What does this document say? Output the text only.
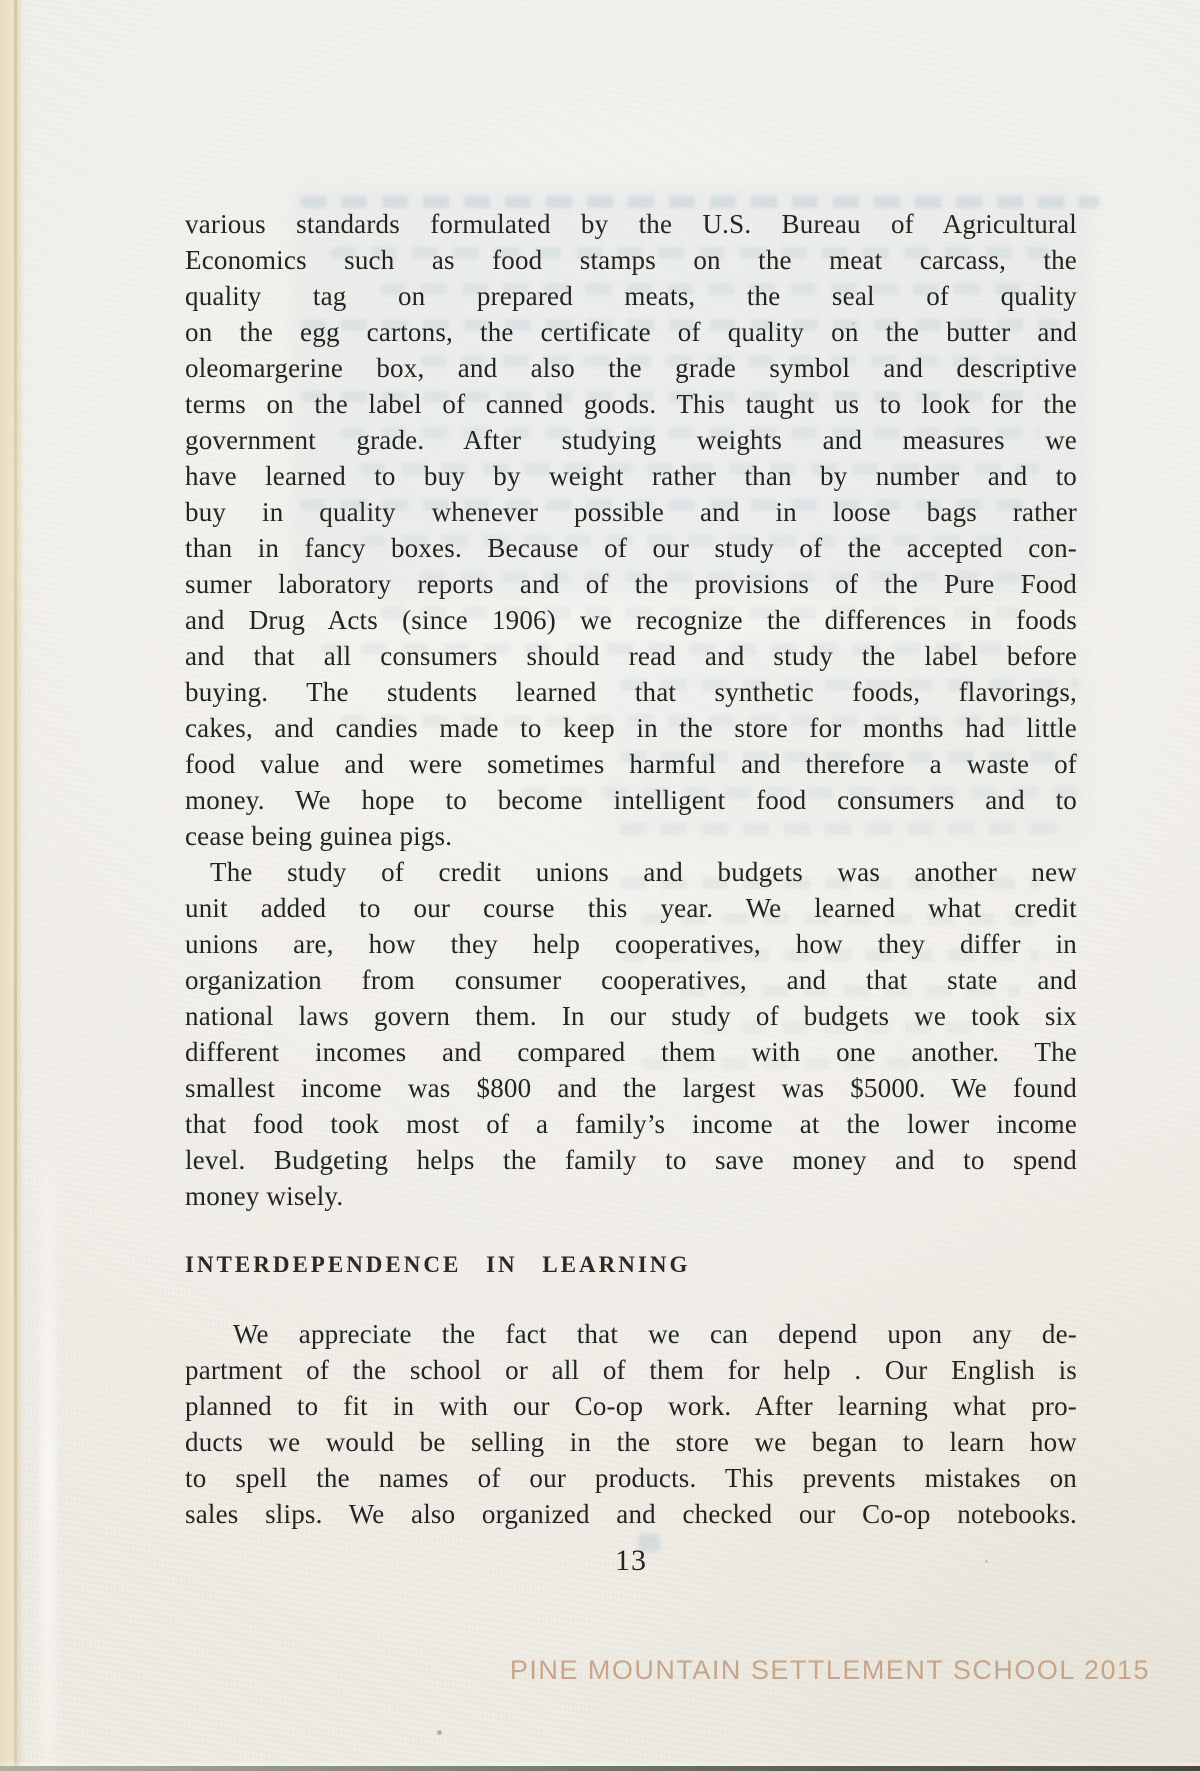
various standards formulated by the U.S. Bureau of Agricultural
Economics such as food stamps on the meat carcass, the
quality tag on prepared meats, the seal of quality
on the egg cartons, the certificate of quality on the butter and
oleomargerine box, and also the grade symbol and descriptive
terms on the label of canned goods. This taught us to look for the
government grade. After studying weights and measures we
have learned to buy by weight rather than by number and to
buy in quality whenever possible and in loose bags rather
than in fancy boxes. Because of our study of the accepted con-
sumer laboratory reports and of the provisions of the Pure Food
and Drug Acts (since 1906) we recognize the differences in foods
and that all consumers should read and study the label before
buying. The students learned that synthetic foods, flavorings,
cakes, and candies made to keep in the store for months had little
food value and were sometimes harmful and therefore a waste of
money. We hope to become intelligent food consumers and to
cease being guinea pigs.
The study of credit unions and budgets was another new
unit added to our course this year. We learned what credit
unions are, how they help cooperatives, how they differ in
organization from consumer cooperatives, and that state and
national laws govern them. In our study of budgets we took six
different incomes and compared them with one another. The
smallest income was $800 and the largest was $5000. We found
that food took most of a family’s income at the lower income
level. Budgeting helps the family to save money and to spend
money wisely.
INTERDEPENDENCE IN LEARNING
We appreciate the fact that we can depend upon any de-
partment of the school or all of them for help . Our English is
planned to fit in with our Co-op work. After learning what pro-
ducts we would be selling in the store we began to learn how
to spell the names of our products. This prevents mistakes on
sales slips. We also organized and checked our Co-op notebooks.
13
PINE MOUNTAIN SETTLEMENT SCHOOL 2015
